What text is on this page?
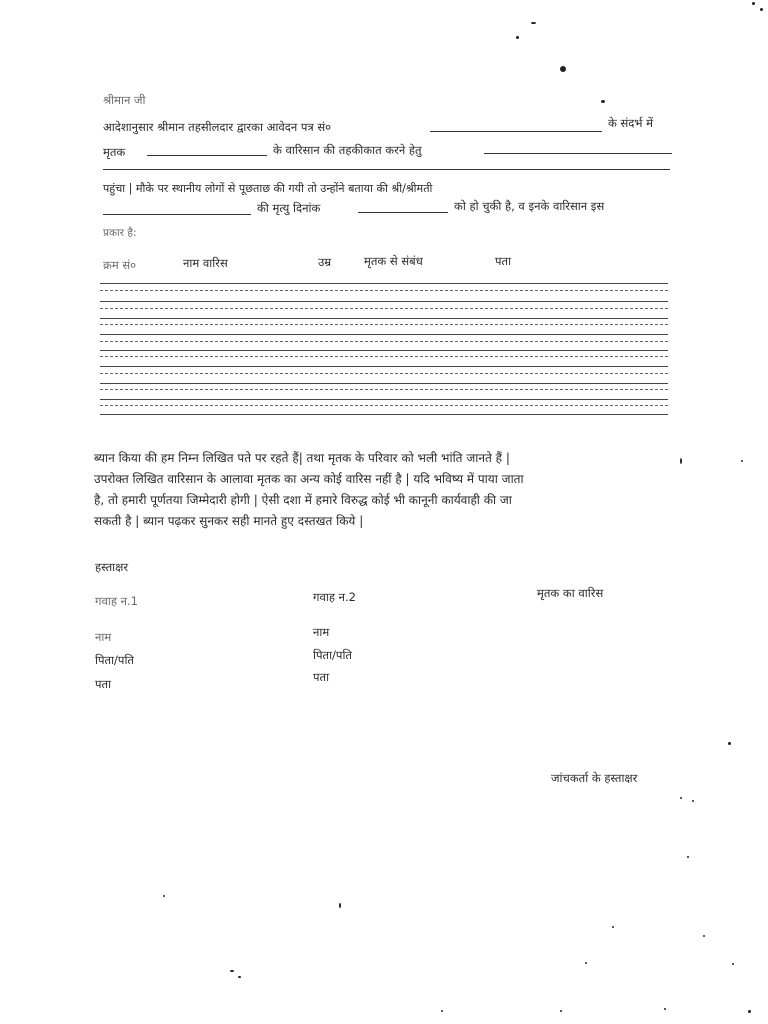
श्रीमान जी
आदेशानुसार श्रीमान तहसीलदार द्वारका आवेदन पत्र सं०	के संदर्भ में
मृतक	के वारिसान की तहकीकात करने हेतु
पहुंचा | मौके पर स्थानीय लोगों से पूछताछ की गयी तो उन्होंने बताया की श्री/श्रीमती
की मृत्यु दिनांक	को हो चुकी है, व इनके वारिसान इस
प्रकार है:
क्रम सं०	नाम वारिस	उम्र	मृतक से संबंध	पता
ब्यान किया की हम निम्न लिखित पते पर रहते हैं| तथा मृतक के परिवार को भली भांति जानते हैं |
उपरोक्त लिखित वारिसान के आलावा मृतक का अन्य कोई वारिस नहीं है | यदि भविष्य में पाया जाता
है, तो हमारी पूर्णतया जिम्मेदारी होगी | ऐसी दशा में हमारे विरुद्ध कोई भी कानूनी कार्यवाही की जा
सकती है | ब्यान पढ़कर सुनकर सही मानते हुए दस्तखत किये |
हस्ताक्षर
गवाह न.1	गवाह न.2	मृतक का वारिस
नाम	नाम
पिता/पति	पिता/पति
पता	पता
जांचकर्ता के हस्ताक्षर
